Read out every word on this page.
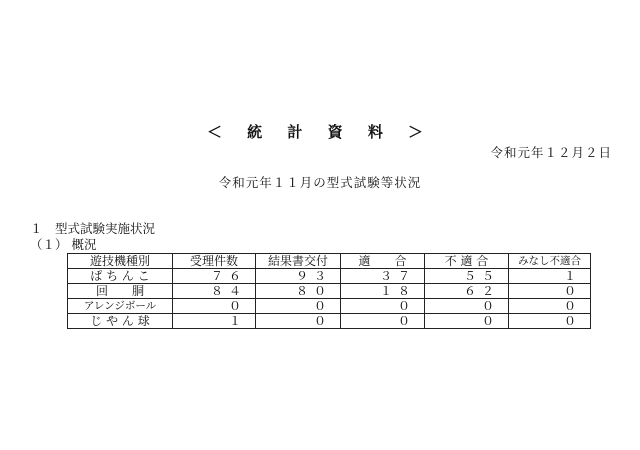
＜ 統 計 資 料 ＞
令和元年１２月２日
令和元年１１月の型式試験等状況
１　型式試験実施状況
（１） 概況
遊技機種別	受理件数	結果書交付	適　　合	不 適 合	みなし不適合
ぱ ち ん こ	７６	９３	３７	５５	１
回　　胴	８４	８０	１８	６２	０
アレンジボール	０	０	０	０	０
じ や ん 球	１	０	０	０	０
